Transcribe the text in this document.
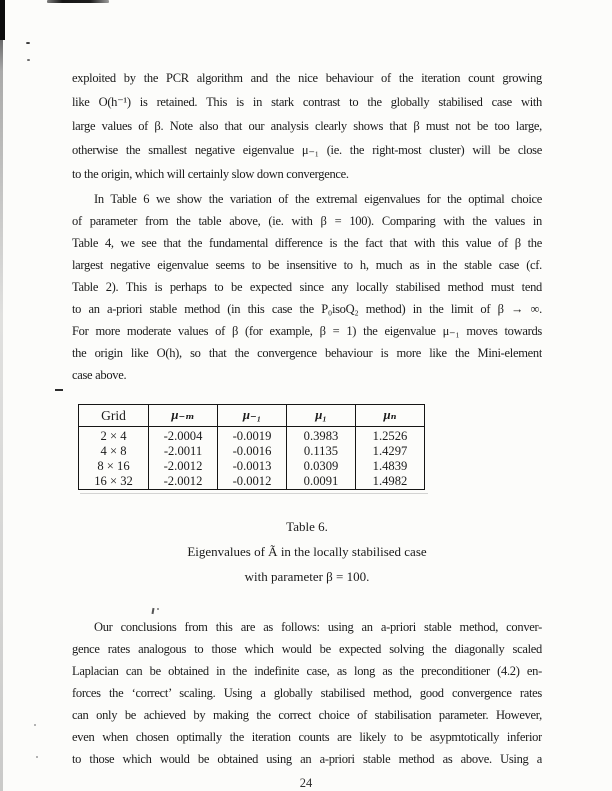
exploited by the PCR algorithm and the nice behaviour of the iteration count growing
like O(h⁻¹) is retained. This is in stark contrast to the globally stabilised case with
large values of β. Note also that our analysis clearly shows that β must not be too large,
otherwise the smallest negative eigenvalue μ₋₁ (ie. the right-most cluster) will be close
to the origin, which will certainly slow down convergence.
In Table 6 we show the variation of the extremal eigenvalues for the optimal choice
of parameter from the table above, (ie. with β = 100). Comparing with the values in
Table 4, we see that the fundamental difference is the fact that with this value of β the
largest negative eigenvalue seems to be insensitive to h, much as in the stable case (cf.
Table 2). This is perhaps to be expected since any locally stabilised method must tend
to an a-priori stable method (in this case the P₀isoQ₂ method) in the limit of β → ∞.
For more moderate values of β (for example, β = 1) the eigenvalue μ₋₁ moves towards
the origin like O(h), so that the convergence behaviour is more like the Mini-element
case above.
Grid	μ₋ₘ	μ₋₁	μ₁	μₙ
2 × 4	-2.0004	-0.0019	0.3983	1.2526
4 × 8	-2.0011	-0.0016	0.1135	1.4297
8 × 16	-2.0012	-0.0013	0.0309	1.4839
16 × 32	-2.0012	-0.0012	0.0091	1.4982
Table 6.
Eigenvalues of Ã in the locally stabilised case
with parameter β = 100.
Our conclusions from this are as follows: using an a-priori stable method, conver-
gence rates analogous to those which would be expected solving the diagonally scaled
Laplacian can be obtained in the indefinite case, as long as the preconditioner (4.2) en-
forces the ‘correct’ scaling. Using a globally stabilised method, good convergence rates
can only be achieved by making the correct choice of stabilisation parameter. However,
even when chosen optimally the iteration counts are likely to be asypmtotically inferior
to those which would be obtained using an a-priori stable method as above. Using a
24
